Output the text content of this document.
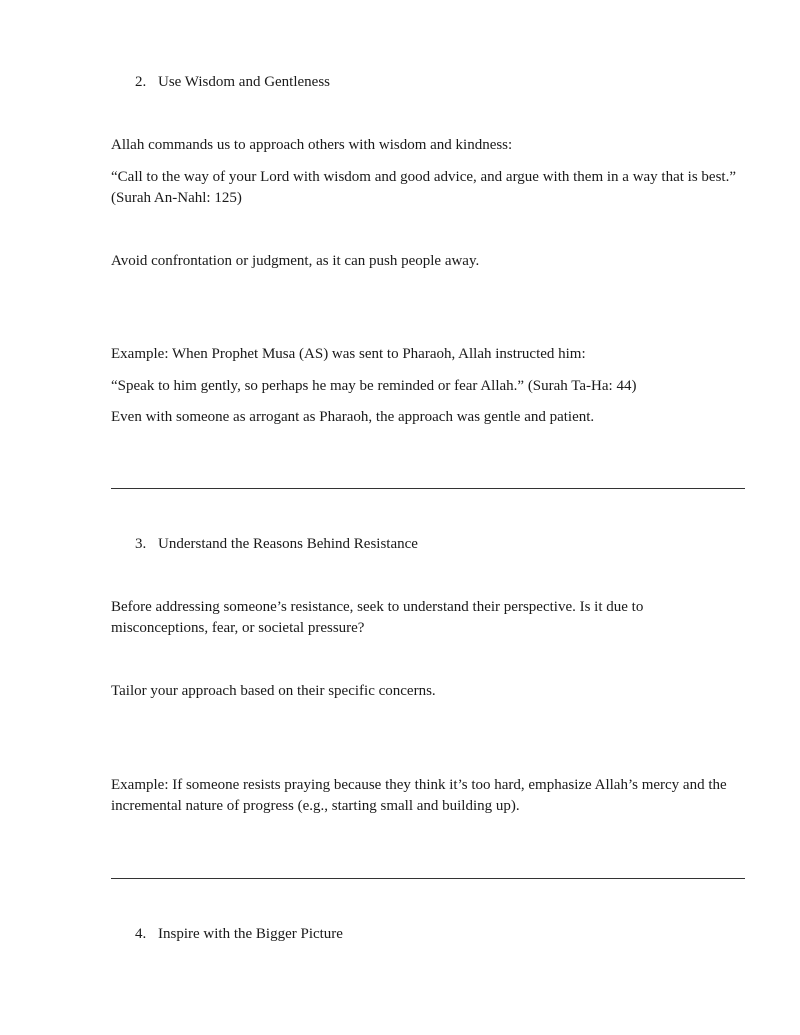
2. Use Wisdom and Gentleness

Allah commands us to approach others with wisdom and kindness:

“Call to the way of your Lord with wisdom and good advice, and argue with them in a way that is best.” (Surah An-Nahl: 125)

Avoid confrontation or judgment, as it can push people away.

Example: When Prophet Musa (AS) was sent to Pharaoh, Allah instructed him:

“Speak to him gently, so perhaps he may be reminded or fear Allah.” (Surah Ta-Ha: 44)

Even with someone as arrogant as Pharaoh, the approach was gentle and patient.

3. Understand the Reasons Behind Resistance

Before addressing someone’s resistance, seek to understand their perspective. Is it due to misconceptions, fear, or societal pressure?

Tailor your approach based on their specific concerns.

Example: If someone resists praying because they think it’s too hard, emphasize Allah’s mercy and the incremental nature of progress (e.g., starting small and building up).

4. Inspire with the Bigger Picture
